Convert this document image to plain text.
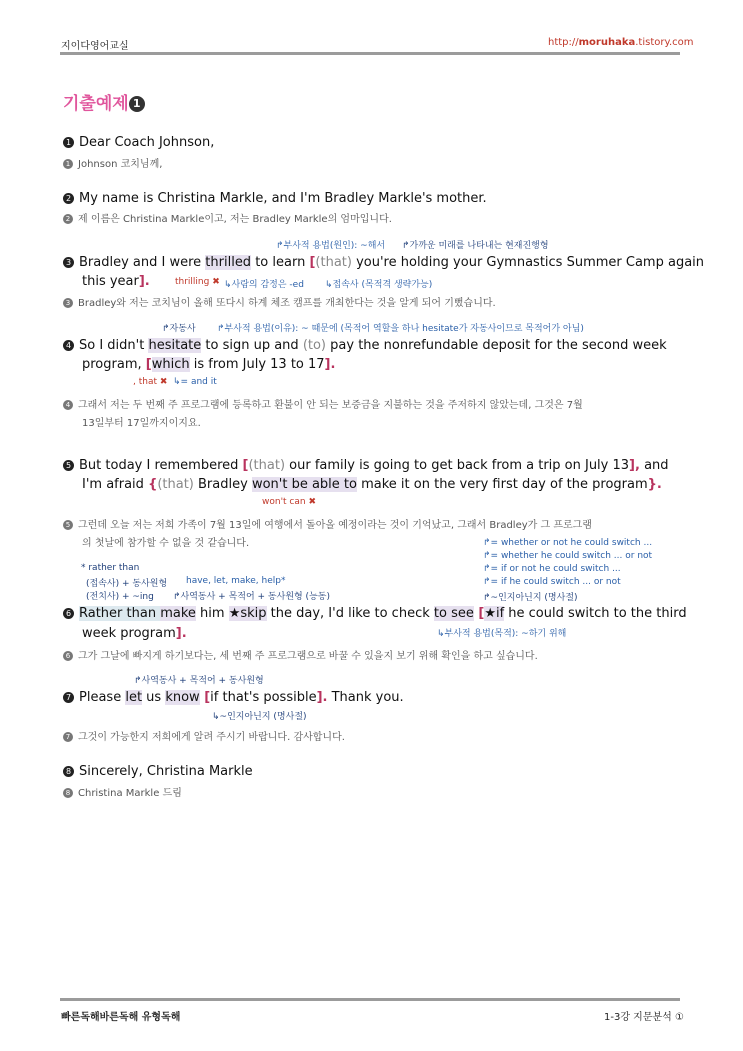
지이다영어교실	http://moruhaka.tistory.com
기출예제 1
1 Dear Coach Johnson,
1 Johnson 코치님께,
2 My name is Christina Markle, and I'm Bradley Markle's mother.
2 제 이름은 Christina Markle이고, 저는 Bradley Markle의 엄마입니다.
↱부사적 용법(원인): ~해서 ↱가까운 미래를 나타내는 현재진행형
3 Bradley and I were thrilled to learn [(that) you're holding your Gymnastics Summer Camp again
this year].	thrilling ✖ ↳사람의 감정은 -ed ↳접속사 (목적격 생략가능)
3 Bradley와 저는 코치님이 올해 또다시 하계 체조 캠프를 개최한다는 것을 알게 되어 기뻤습니다.
↱자동사 ↱부사적 용법(이유): ~ 때문에 (목적어 역할을 하나 hesitate가 자동사이므로 목적어가 아님)
4 So I didn't hesitate to sign up and (to) pay the nonrefundable deposit for the second week
program, [which is from July 13 to 17].
, that ✖ ↳= and it
4 그래서 저는 두 번째 주 프로그램에 등록하고 환불이 안 되는 보증금을 지불하는 것을 주저하지 않았는데, 그것은 7월
13일부터 17일까지이지요.
5 But today I remembered [(that) our family is going to get back from a trip on July 13], and
I'm afraid {(that) Bradley won't be able to make it on the very first day of the program}.
won't can ✖
5 그런데 오늘 저는 저희 가족이 7월 13일에 여행에서 돌아올 예정이라는 것이 기억났고, 그래서 Bradley가 그 프로그램
의 첫날에 참가할 수 없을 것 같습니다.	↱= whether or not he could switch ...
↱= whether he could switch ... or not
↱= if or not he could switch ...
↱= if he could switch ... or not
↱~인지아닌지 (명사절)
* rather than
(접속사) + 동사원형
(전치사) + ~ing
have, let, make, help*
↱사역동사 + 목적어 + 동사원형 (능동)
6 Rather than make him ★skip the day, I'd like to check to see [★if he could switch to the third
week program].	↳부사적 용법(목적): ~하기 위해
6 그가 그날에 빠지게 하기보다는, 세 번째 주 프로그램으로 바꿀 수 있을지 보기 위해 확인을 하고 싶습니다.
↱사역동사 + 목적어 + 동사원형
7 Please let us know [if that's possible]. Thank you.
↳~인지아닌지 (명사절)
7 그것이 가능한지 저희에게 알려 주시기 바랍니다. 감사합니다.
8 Sincerely, Christina Markle
8 Christina Markle 드림
빠른독해바른독해 유형독해	1-3강 지문분석 ①
